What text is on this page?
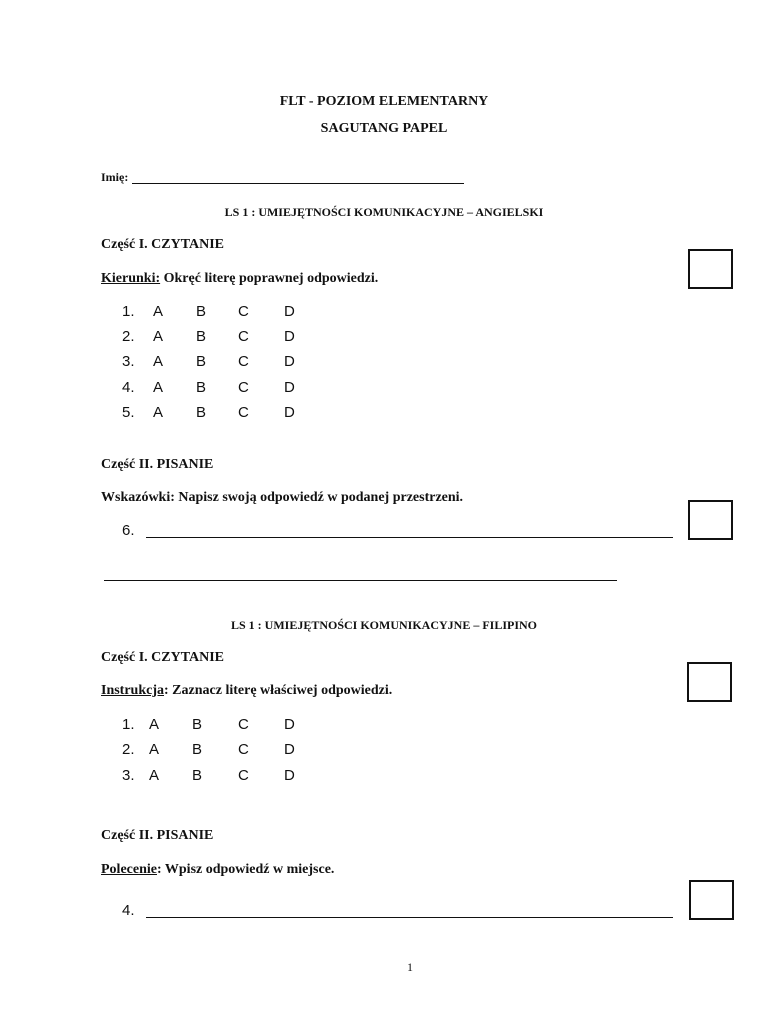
FLT - POZIOM ELEMENTARNY
SAGUTANG PAPEL
Imię:
LS 1 : UMIEJĘTNOŚCI KOMUNIKACYJNE – ANGIELSKI
Część I. CZYTANIE
Kierunki: Okręć literę poprawnej odpowiedzi.
1. A B C D
2. A B C D
3. A B C D
4. A B C D
5. A B C D
Część II. PISANIE
Wskazówki: Napisz swoją odpowiedź w podanej przestrzeni.
6.
LS 1 : UMIEJĘTNOŚCI KOMUNIKACYJNE – FILIPINO
Część I. CZYTANIE
Instrukcja: Zaznacz literę właściwej odpowiedzi.
1. A B C D
2. A B C D
3. A B C D
Część II. PISANIE
Polecenie: Wpisz odpowiedź w miejsce.
4.
1
